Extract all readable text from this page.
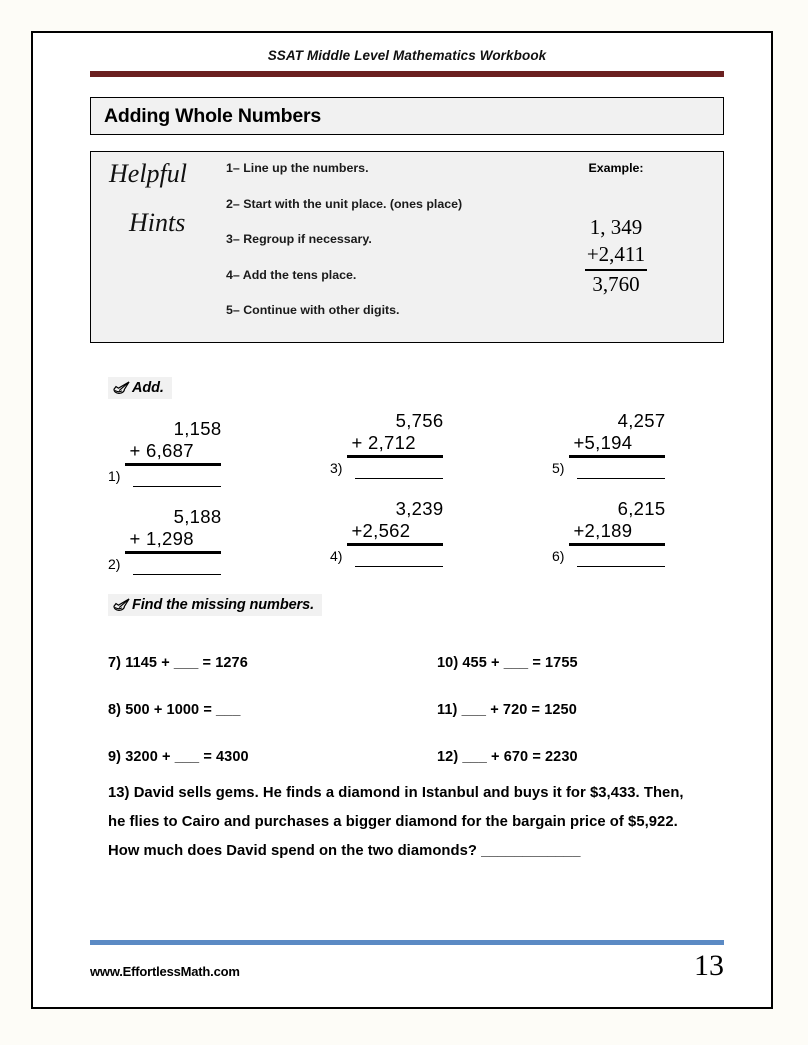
SSAT Middle Level Mathematics Workbook
Adding Whole Numbers
Helpful
Hints
1– Line up the numbers.
2– Start with the unit place. (ones place)
3– Regroup if necessary.
4– Add the tens place.
5– Continue with other digits.
Example:
1, 349
+2,411
3,760
Add.
1)
1,158
+ 6,687
2)
5,188
+ 1,298
3)
5,756
+ 2,712
4)
3,239
+2,562
5)
4,257
+5,194
6)
6,215
+2,189
Find the missing numbers.
7) 1145 + ___ = 1276
8) 500 + 1000 = ___
9) 3200 + ___ = 4300
10) 455 + ___ = 1755
11) ___ + 720 = 1250
12) ___ + 670 = 2230
13) David sells gems. He finds a diamond in Istanbul and buys it for $3,433. Then,
he flies to Cairo and purchases a bigger diamond for the bargain price of $5,922.
How much does David spend on the two diamonds? ____________
www.EffortlessMath.com	13
